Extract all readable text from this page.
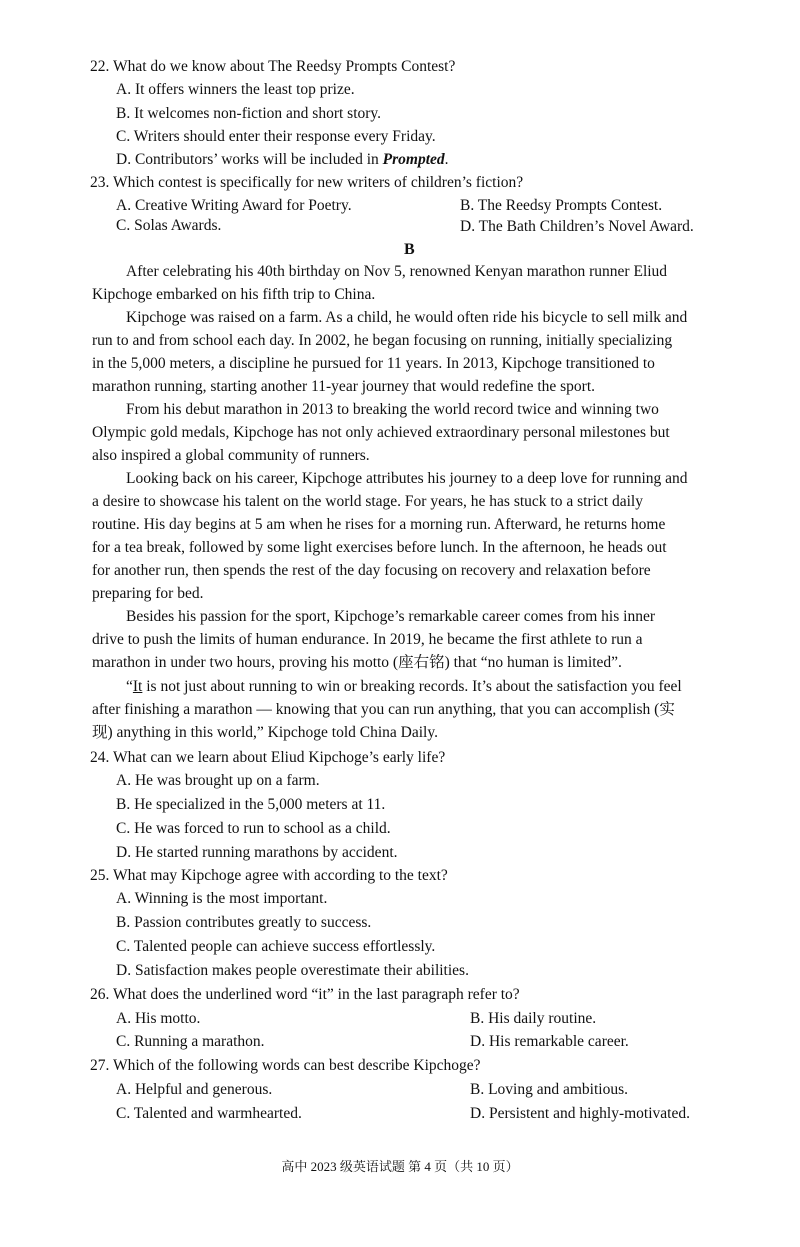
22. What do we know about The Reedsy Prompts Contest?
A. It offers winners the least top prize.
B. It welcomes non-fiction and short story.
C. Writers should enter their response every Friday.
D. Contributors’ works will be included in Prompted.
23. Which contest is specifically for new writers of children’s fiction?
A. Creative Writing Award for Poetry.	B. The Reedsy Prompts Contest.
C. Solas Awards.	D. The Bath Children’s Novel Award.
B
After celebrating his 40th birthday on Nov 5, renowned Kenyan marathon runner Eliud
Kipchoge embarked on his fifth trip to China.
Kipchoge was raised on a farm. As a child, he would often ride his bicycle to sell milk and
run to and from school each day. In 2002, he began focusing on running, initially specializing
in the 5,000 meters, a discipline he pursued for 11 years. In 2013, Kipchoge transitioned to
marathon running, starting another 11-year journey that would redefine the sport.
From his debut marathon in 2013 to breaking the world record twice and winning two
Olympic gold medals, Kipchoge has not only achieved extraordinary personal milestones but
also inspired a global community of runners.
Looking back on his career, Kipchoge attributes his journey to a deep love for running and
a desire to showcase his talent on the world stage. For years, he has stuck to a strict daily
routine. His day begins at 5 am when he rises for a morning run. Afterward, he returns home
for a tea break, followed by some light exercises before lunch. In the afternoon, he heads out
for another run, then spends the rest of the day focusing on recovery and relaxation before
preparing for bed.
Besides his passion for the sport, Kipchoge’s remarkable career comes from his inner
drive to push the limits of human endurance. In 2019, he became the first athlete to run a
marathon in under two hours, proving his motto (座右铭) that “no human is limited”.
“It is not just about running to win or breaking records. It’s about the satisfaction you feel
after finishing a marathon — knowing that you can run anything, that you can accomplish (实
现) anything in this world,” Kipchoge told China Daily.
24. What can we learn about Eliud Kipchoge’s early life?
A. He was brought up on a farm.
B. He specialized in the 5,000 meters at 11.
C. He was forced to run to school as a child.
D. He started running marathons by accident.
25. What may Kipchoge agree with according to the text?
A. Winning is the most important.
B. Passion contributes greatly to success.
C. Talented people can achieve success effortlessly.
D. Satisfaction makes people overestimate their abilities.
26. What does the underlined word “it” in the last paragraph refer to?
A. His motto.	B. His daily routine.
C. Running a marathon.	D. His remarkable career.
27. Which of the following words can best describe Kipchoge?
A. Helpful and generous.	B. Loving and ambitious.
C. Talented and warmhearted.	D. Persistent and highly-motivated.
高中 2023 级英语试题 第 4 页（共 10 页）
